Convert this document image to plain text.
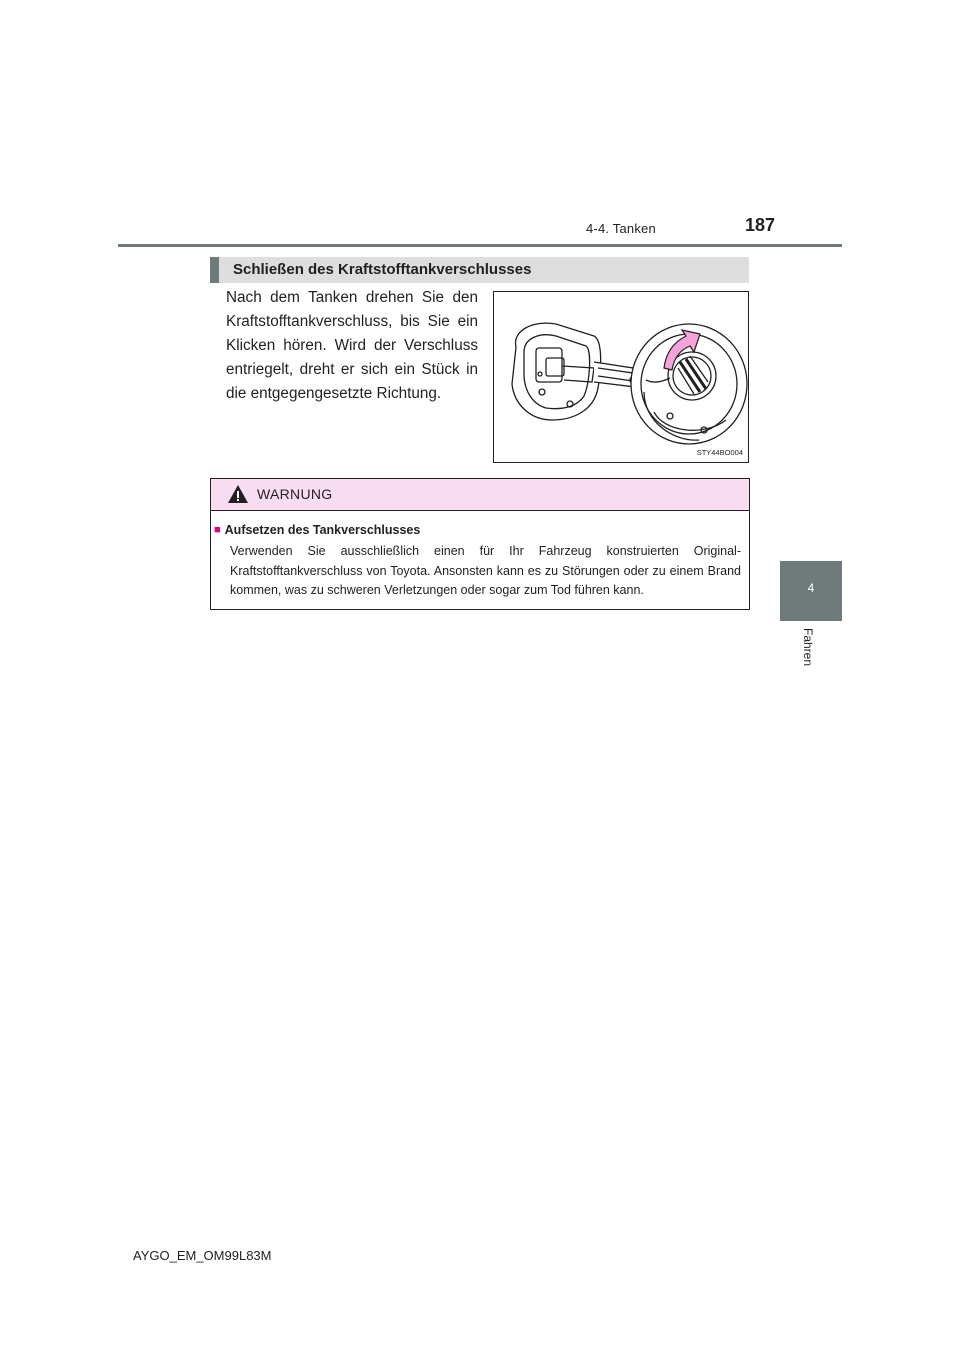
4-4. Tanken	187
4
Fahren
Schließen des Kraftstofftankverschlusses
Nach dem Tanken drehen Sie den Kraftstofftankverschluss, bis Sie ein Klicken hören. Wird der Verschluss entriegelt, dreht er sich ein Stück in die entgegengesetzte Richtung.
STY44BO004
WARNUNG
■ Aufsetzen des Tankverschlusses
Verwenden Sie ausschließlich einen für Ihr Fahrzeug konstruierten Original-Kraftstofftankverschluss von Toyota. Ansonsten kann es zu Störungen oder zu einem Brand kommen, was zu schweren Verletzungen oder sogar zum Tod führen kann.
AYGO_EM_OM99L83M
